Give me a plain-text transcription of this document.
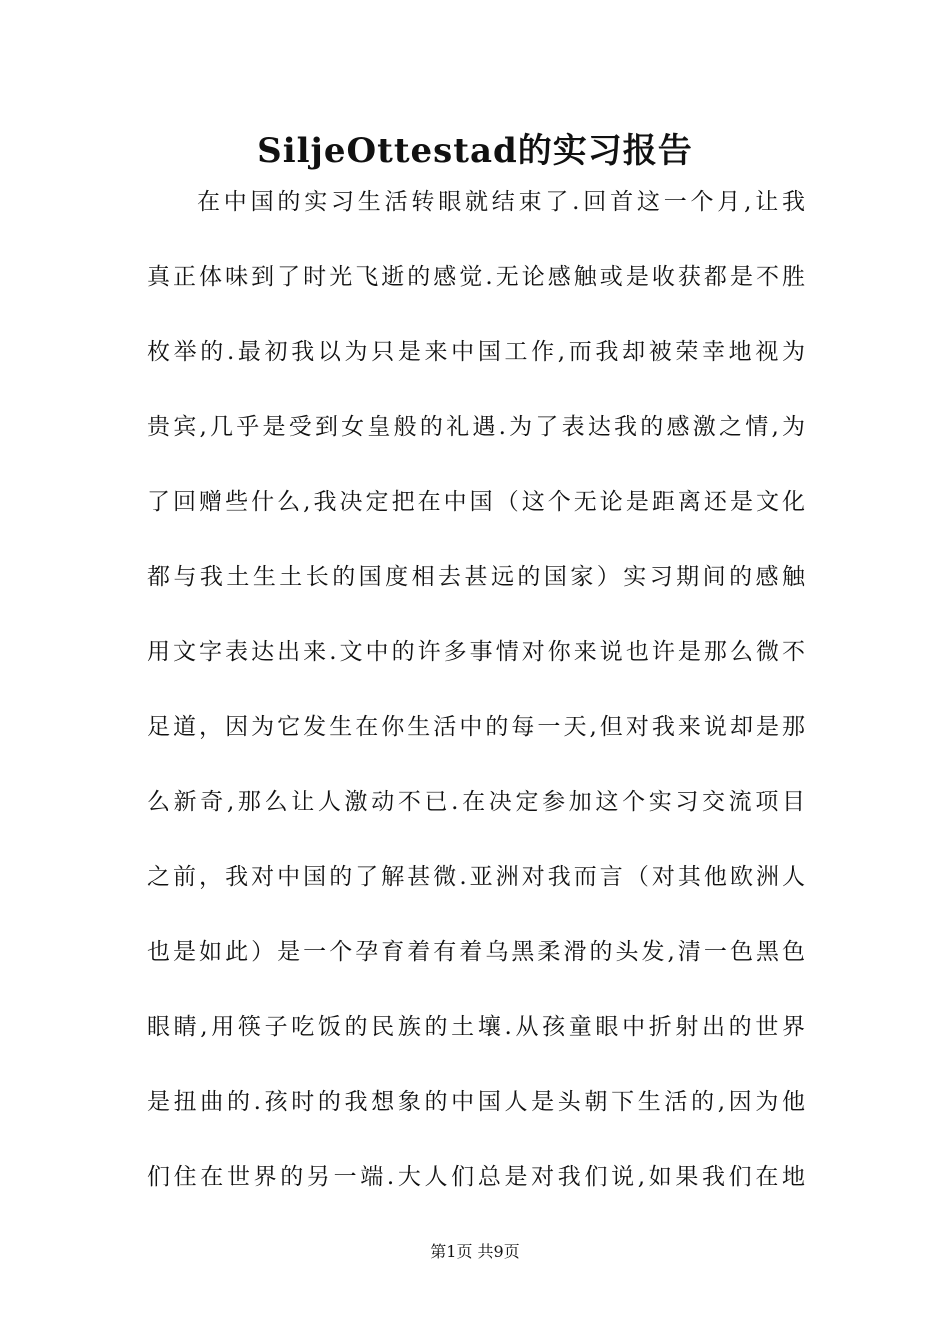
SiljeOttestad的实习报告
在中国的实习生活转眼就结束了.回首这一个月,让我
真正体味到了时光飞逝的感觉.无论感触或是收获都是不胜
枚举的.最初我以为只是来中国工作,而我却被荣幸地视为
贵宾,几乎是受到女皇般的礼遇.为了表达我的感激之情,为
了回赠些什么,我决定把在中国（这个无论是距离还是文化
都与我土生土长的国度相去甚远的国家）实习期间的感触
用文字表达出来.文中的许多事情对你来说也许是那么微不
足道，因为它发生在你生活中的每一天,但对我来说却是那
么新奇,那么让人激动不已.在决定参加这个实习交流项目
之前，我对中国的了解甚微.亚洲对我而言（对其他欧洲人
也是如此）是一个孕育着有着乌黑柔滑的头发,清一色黑色
眼睛,用筷子吃饭的民族的土壤.从孩童眼中折射出的世界
是扭曲的.孩时的我想象的中国人是头朝下生活的,因为他
们住在世界的另一端.大人们总是对我们说,如果我们在地
第1页 共9页
